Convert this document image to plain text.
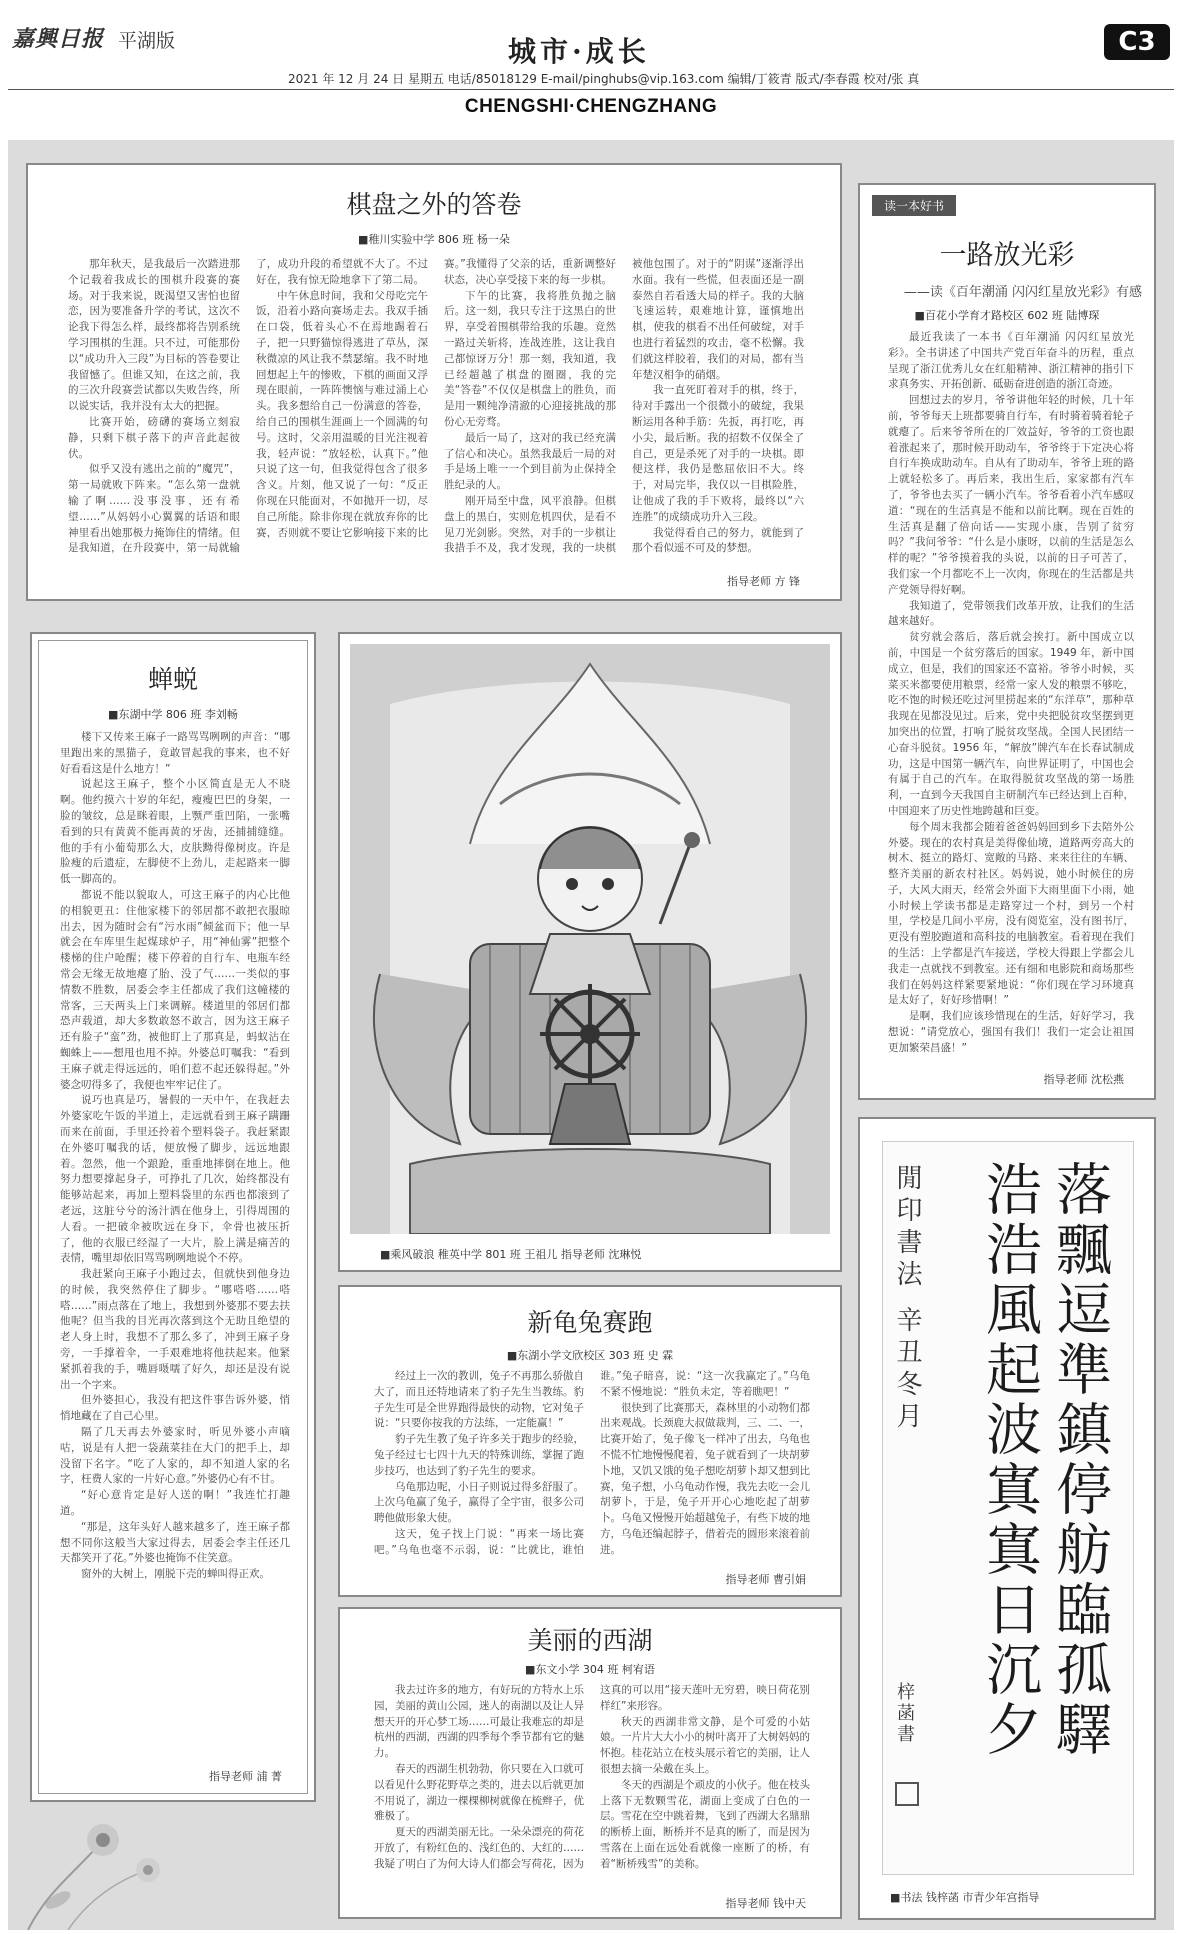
嘉興日报 平湖版	城市·成长	C3
2021 年 12 月 24 日 星期五 电话/85018129 E-mail/pinghubs@vip.163.com 编辑/丁筱青 版式/李春霞 校对/张 真
CHENGSHI·CHENGZHANG
棋盘之外的答卷
■稚川实验中学 806 班 杨一朵

那年秋天，是我最后一次踏进那个记载着我成长的围棋升段赛的赛场。对于我来说，既渴望又害怕也留恋，因为要准备升学的考试，这次不论我下得怎么样，最终都将告别系统学习围棋的生涯。只不过，可能那份以“成功升入三段”为目标的答卷要让我留憾了。但谁又知，在这之前，我的三次升段赛尝试都以失败告终，所以说实话，我并没有太大的把握。

比赛开始，磅礴的赛场立刻寂静，只剩下棋子落下的声音此起彼伏。

似乎又没有逃出之前的“魔咒”，第一局就败下阵来。“怎么第一盘就输了啊……没事没事，还有希望……”从妈妈小心翼翼的话语和眼神里看出她那极力掩饰住的情绪。但是我知道，在升段赛中，第一局就输了，成功升段的希望就不大了。不过好在，我有惊无险地拿下了第二局。

中午休息时间，我和父母吃完午饭，沿着小路向赛场走去。我双手插在口袋，低着头心不在焉地踢着石子，把一只野猫惊得逃进了草丛，深秋微凉的风让我不禁瑟缩。我不时地回想起上午的惨败，下棋的画面又浮现在眼前，一阵阵懊恼与难过涌上心头。我多想给自己一份满意的答卷，给自己的围棋生涯画上一个圆满的句号。这时，父亲用温暖的目光注视着我，轻声说：“放轻松，认真下。”他只说了这一句，但我觉得包含了很多含义。片刻，他又说了一句：“反正你现在只能面对，不如抛开一切，尽自己所能。除非你现在就放弃你的比赛，否则就不要让它影响接下来的比赛。”我懂得了父亲的话，重新调整好状态，决心享受接下来的每一步棋。

下午的比赛，我将胜负抛之脑后。这一刻，我只专注于这黑白的世界，享受着围棋带给我的乐趣。竟然一路过关斩将，连战连胜，这让我自己都惊讶万分！那一刻，我知道，我已经超越了棋盘的圈圈，我的完美“答卷”不仅仅是棋盘上的胜负，而是用一颗纯净清澈的心迎接挑战的那份心无旁骛。

最后一局了，这对的我已经充满了信心和决心。虽然我最后一局的对手是场上唯一一个到目前为止保持全胜纪录的人。

刚开局至中盘，风平浪静。但棋盘上的黑白，实则危机四伏，是看不见刀光剑影。突然，对手的一步棋让我措手不及，我才发现，我的一块棋被他包围了。对于的“阴谋”逐渐浮出水面。我有一些慌，但表面还是一副泰然自若看透大局的样子。我的大脑飞速运转，艰难地计算，谨慎地出棋，使我的棋看不出任何破绽，对手也进行着猛烈的攻击，毫不松懈。我们就这样胶着，我们的对局，都有当年楚汉相争的硝烟。

我一直死盯着对手的棋，终于，待对手露出一个很微小的破绽，我果断运用各种手筋：先扳，再打吃，再小尖，最后断。我的招数不仅保全了自己，更是杀死了对手的一块棋。即便这样，我仍是憋屈依旧不大。终于，对局完毕，我仅以一目棋险胜，让他成了我的手下败将，最终以“六连胜”的成绩成功升入三段。

我觉得看自己的努力，就能到了那个看似遥不可及的梦想。

指导老师 方 锋
读一本好书
一路放光彩
——读《百年潮涌 闪闪红星放光彩》有感
■百花小学育才路校区 602 班 陆博琛

最近我读了一本书《百年潮涌 闪闪红星放光彩》。全书讲述了中国共产党百年奋斗的历程，重点呈现了浙江优秀儿女在红船精神、浙江精神的指引下求真务实、开拓创新、砥砺奋进创造的浙江奇迹。

回想过去的岁月，爷爷讲他年轻的时候，几十年前，爷爷每天上班都要骑自行车，有时骑着骑着轮子就瘪了。后来爷爷所在的厂效益好，爷爷的工资也跟着涨起来了，那时候开助动车，爷爷终于下定决心将自行车换成助动车。自从有了助动车，爷爷上班的路上就轻松多了。再后来，我出生后，家家都有汽车了，爷爷也去买了一辆小汽车。爷爷看着小汽车感叹道：“现在的生活真是不能和以前比啊。现在百姓的生活真是翻了倍向话——实现小康，告别了贫穷吗？”我问爷爷：“什么是小康呀，以前的生活是怎么样的呢？”爷爷摸着我的头说，以前的日子可苦了，我们家一个月都吃不上一次肉，你现在的生活都是共产党领导得好啊。

我知道了，党带领我们改革开放，让我们的生活越来越好。

贫穷就会落后，落后就会挨打。新中国成立以前，中国是一个贫穷落后的国家。1949 年，新中国成立，但是，我们的国家还不富裕。爷爷小时候，买菜买米都要使用粮票，经常一家人发的粮票不够吃，吃不饱的时候还吃过河里捞起来的“东洋草”，那种草我现在见都没见过。后来，党中央把脱贫攻坚摆到更加突出的位置，打响了脱贫攻坚战。全国人民团结一心奋斗脱贫。1956 年，“解放”牌汽车在长春试制成功，这是中国第一辆汽车，向世界证明了，中国也会有属于自己的汽车。在取得脱贫攻坚战的第一场胜利，一直到今天我国自主研制汽车已经达到上百种，中国迎来了历史性地跨越和巨变。

每个周末我都会随着爸爸妈妈回到乡下去陪外公外婆。现在的农村真是美得像仙境，道路两旁高大的树木、挺立的路灯、宽敞的马路、来来往往的车辆、整齐美丽的新农村社区。妈妈说，她小时候住的房子，大风大雨天，经常会外面下大雨里面下小雨，她小时候上学读书都是走路穿过一个村，到另一个村里，学校是几间小平房，没有阅览室，没有图书厅，更没有塑胶跑道和高科技的电脑教室。看着现在我们的生活：上学都是汽车接送，学校大得跟上学都会儿我走一点就找不到教室。还有细和电影院和商场那些我们在妈妈这样紧要紧地说：“你们现在学习环境真是太好了，好好珍惜啊！”

是啊，我们应该珍惜现在的生活，好好学习，我想说：“请党放心，强国有我们！我们一定会让祖国更加繁荣昌盛！”

指导老师 沈松燕
蝉蜕
■东湖中学 806 班 李刘畅

楼下又传来王麻子一路骂骂咧咧的声音：“哪里跑出来的黑猫子，竟敢冒起我的事来，也不好好看看这是什么地方！”

说起这王麻子，整个小区简直是无人不晓啊。他约摸六十岁的年纪，瘦瘦巴巴的身架，一脸的皱纹，总是眯着眼，上颚严重凹陷，一张嘴看到的只有黄黄不能再黄的牙齿，还捕捕缝缝。他的手有小葡萄那么大，皮肤黝得像树皮。许是脸瘦的后遗症，左脚使不上劲儿，走起路来一脚低一脚高的。

都说不能以貌取人，可这王麻子的内心比他的相貌更丑：住他家楼下的邻居都不敢把衣服晾出去，因为随时会有“污水雨”倾盆而下；他一早就会在车库里生起煤球炉子，用“神仙雾”把整个楼梯的住户呛醒；楼下停着的自行车、电瓶车经常会无缘无故地瘪了胎、没了气……一类似的事情数不胜数，居委会李主任都成了我们这幢楼的常客，三天两头上门来调解。楼道里的邻居们都恐声载道，却大多数敢怒不敢言，因为这王麻子还有脸子“蛮”劲，被他盯上了那真是，蚂蚁沾在蜘蛛上——想甩也甩不掉。外婆总叮嘱我：“看到王麻子就走得远远的，咱们惹不起还躲得起。”外婆念叨得多了，我便也牢牢记住了。

说巧也真是巧，暑假的一天中午，在我赶去外婆家吃午饭的半道上，走远就看到王麻子蹒跚而来在前面，手里还拎着个塑料袋子。我赶紧跟在外婆叮嘱我的话，便放慢了脚步，远远地跟着。忽然，他一个踉跄，重重地摔倒在地上。他努力想要撑起身子，可挣扎了几次，始终都没有能够站起来，再加上塑料袋里的东西也都滚到了老远，这脏兮兮的汤汁洒在他身上，引得周围的人看。一把破伞被吹远在身下，伞骨也被压折了，他的衣服已经湿了一大片，脸上满是痛苦的表情，嘴里却依旧骂骂咧咧地说个不停。

我赶紧向王麻子小跑过去，但就快到他身边的时候，我突然停住了脚步。“哪嗒嗒……嗒嗒……”雨点落在了地上，我想到外婆那不要去扶他呢？但当我的目光再次落到这个无助且绝望的老人身上时，我想不了那么多了，冲到王麻子身旁，一手撑着伞，一手艰难地将他扶起来。他紧紧抓着我的手，嘴唇嗫嚅了好久，却还是没有说出一个字来。

但外婆担心，我没有把这件事告诉外婆，悄悄地藏在了自己心里。

隔了几天再去外婆家时，听见外婆小声嘀咕，说是有人把一袋蔬菜挂在大门的把手上，却没留下名字。“吃了人家的，却不知道人家的名字，枉费人家的一片好心意。”外婆仍心有不甘。

“好心意肯定是好人送的啊！”我连忙打趣道。

“那是，这年头好人越来越多了，连王麻子都想不同你这般当大家过得去，居委会李主任还几天都笑开了花。”外婆也掩饰不住笑意。

窗外的大树上，刚脱下壳的蝉叫得正欢。

指导老师 浦 菁
■乘风破浪 稚英中学 801 班 王祖儿 指导老师 沈琳悦
新龟兔赛跑
■东湖小学文欣校区 303 班 史 霖

经过上一次的教训，兔子不再那么骄傲自大了，而且还特地请来了豹子先生当教练。豹子先生可是全世界跑得最快的动物，它对兔子说：“只要你按我的方法练，一定能赢！”

豹子先生教了兔子许多关于跑步的经验，兔子经过七七四十九天的特殊训练，掌握了跑步技巧，也达到了豹子先生的要求。

乌龟那边呢，小日子则说过得多舒服了。上次乌龟赢了兔子，赢得了全宇宙，很多公司聘他做形象大使。

这天，兔子找上门说：“再来一场比赛吧。”乌龟也毫不示弱，说：“比就比，谁怕谁。”兔子暗喜，说：“这一次我赢定了。”乌龟不紧不慢地说：“胜负未定，等着瞧吧！”

很快到了比赛那天，森林里的小动物们都出来观战。长颈鹿大叔做裁判，三、二、一，比赛开始了，兔子像飞一样冲了出去，乌龟也不慌不忙地慢慢爬着，兔子就看到了一块胡萝卜地，又饥又饿的兔子想吃胡萝卜却又想到比赛，兔子想，小乌龟动作慢，我先去吃一会儿胡萝卜，于是，兔子开开心心地吃起了胡萝卜。乌龟又慢慢开始超越兔子，有些下坡的地方，乌龟还编起脖子，借着壳的圆形来滚着前进。

指导老师 曹引娟
美丽的西湖
■东文小学 304 班 柯宥语

我去过许多的地方，有好玩的方特水上乐园，美丽的黄山公园，迷人的南湖以及让人异想天开的开心梦工场……可最让我难忘的却是杭州的西湖，西湖的四季每个季节都有它的魅力。

春天的西湖生机勃勃，你只要在入口就可以看见什么野花野草之类的，进去以后就更加不用说了，湖边一棵棵柳树就像在梳辫子，优雅极了。

夏天的西湖美丽无比。一朵朵漂亮的荷花开放了，有粉红色的、浅红色的、大红的……我疑了明白了为何大诗人们都会写荷花，因为这真的可以用“接天莲叶无穷碧，映日荷花别样红”来形容。

秋天的西湖非常文静，是个可爱的小姑娘。一片片大大小小的树叶离开了大树妈妈的怀抱。桂花站立在枝头展示着它的美丽，让人很想去摘一朵戴在头上。

冬天的西湖是个顽皮的小伙子。他在枝头上落下无数颗雪花，湖面上变成了白色的一层。雪花在空中跳着舞，飞到了西湖大名鼎鼎的断桥上面，断桥并不是真的断了，而是因为雪落在上面在远处看就像一座断了的桥，有着“断桥残雪”的美称。

指导老师 钱中天
落飄逗準鎮停舫臨孤驛
浩浩風起波寘寘日沉夕
閒印書法 辛丑冬月
梓菡書
■书法 钱梓菡 市青少年宫指导
